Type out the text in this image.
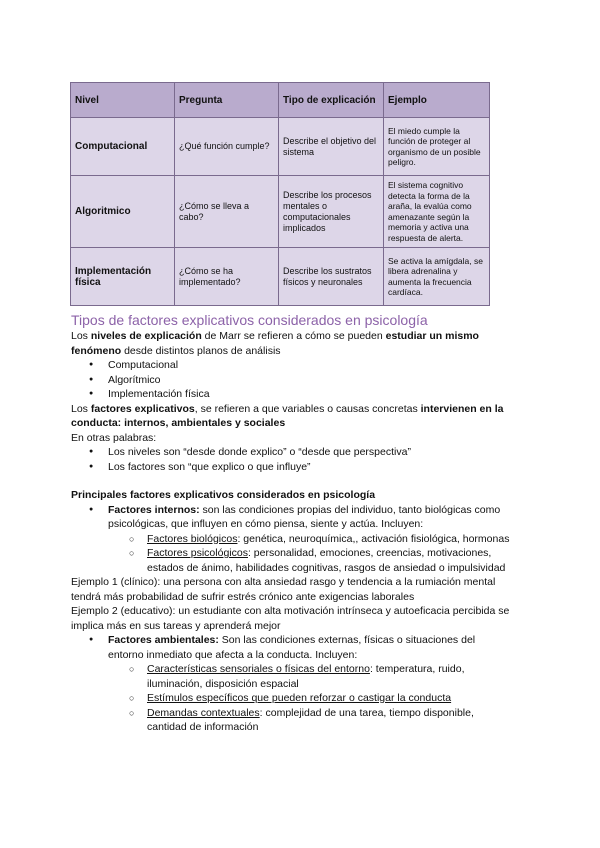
Nivel	Pregunta	Tipo de explicación	Ejemplo
Computacional	¿Qué función cumple?	Describe el objetivo del sistema	El miedo cumple la función de proteger al organismo de un posible peligro.
Algoritmico	¿Cómo se lleva a cabo?	Describe los procesos mentales o computacionales implicados	El sistema cognitivo detecta la forma de la araña, la evalúa como amenazante según la memoria y activa una respuesta de alerta.
Implementación física	¿Cómo se ha implementado?	Describe los sustratos físicos y neuronales	Se activa la amígdala, se libera adrenalina y aumenta la frecuencia cardíaca.

Tipos de factores explicativos considerados en psicología

Los niveles de explicación de Marr se refieren a cómo se pueden estudiar un mismo fenómeno desde distintos planos de análisis

● Computacional
● Algorítmico
● Implementación física

Los factores explicativos, se refieren a que variables o causas concretas intervienen en la conducta: internos, ambientales y sociales

En otras palabras:

● Los niveles son “desde donde explico” o “desde que perspectiva”
● Los factores son “que explico o que influye”

Principales factores explicativos considerados en psicología

● Factores internos: son las condiciones propias del individuo, tanto biológicas como psicológicas, que influyen en cómo piensa, siente y actúa. Incluyen:
○ Factores biológicos: genética, neuroquímica,, activación fisiológica, hormonas
○ Factores psicológicos: personalidad, emociones, creencias, motivaciones, estados de ánimo, habilidades cognitivas, rasgos de ansiedad o impulsividad

Ejemplo 1 (clínico): una persona con alta ansiedad rasgo y tendencia a la rumiación mental tendrá más probabilidad de sufrir estrés crónico ante exigencias laborales

Ejemplo 2 (educativo): un estudiante con alta motivación intrínseca y autoeficacia percibida se implica más en sus tareas y aprenderá mejor

● Factores ambientales: Son las condiciones externas, físicas o situaciones del entorno inmediato que afecta a la conducta. Incluyen:
○ Características sensoriales o físicas del entorno: temperatura, ruido, iluminación, disposición espacial
○ Estímulos específicos que pueden reforzar o castigar la conducta
○ Demandas contextuales: complejidad de una tarea, tiempo disponible, cantidad de información
